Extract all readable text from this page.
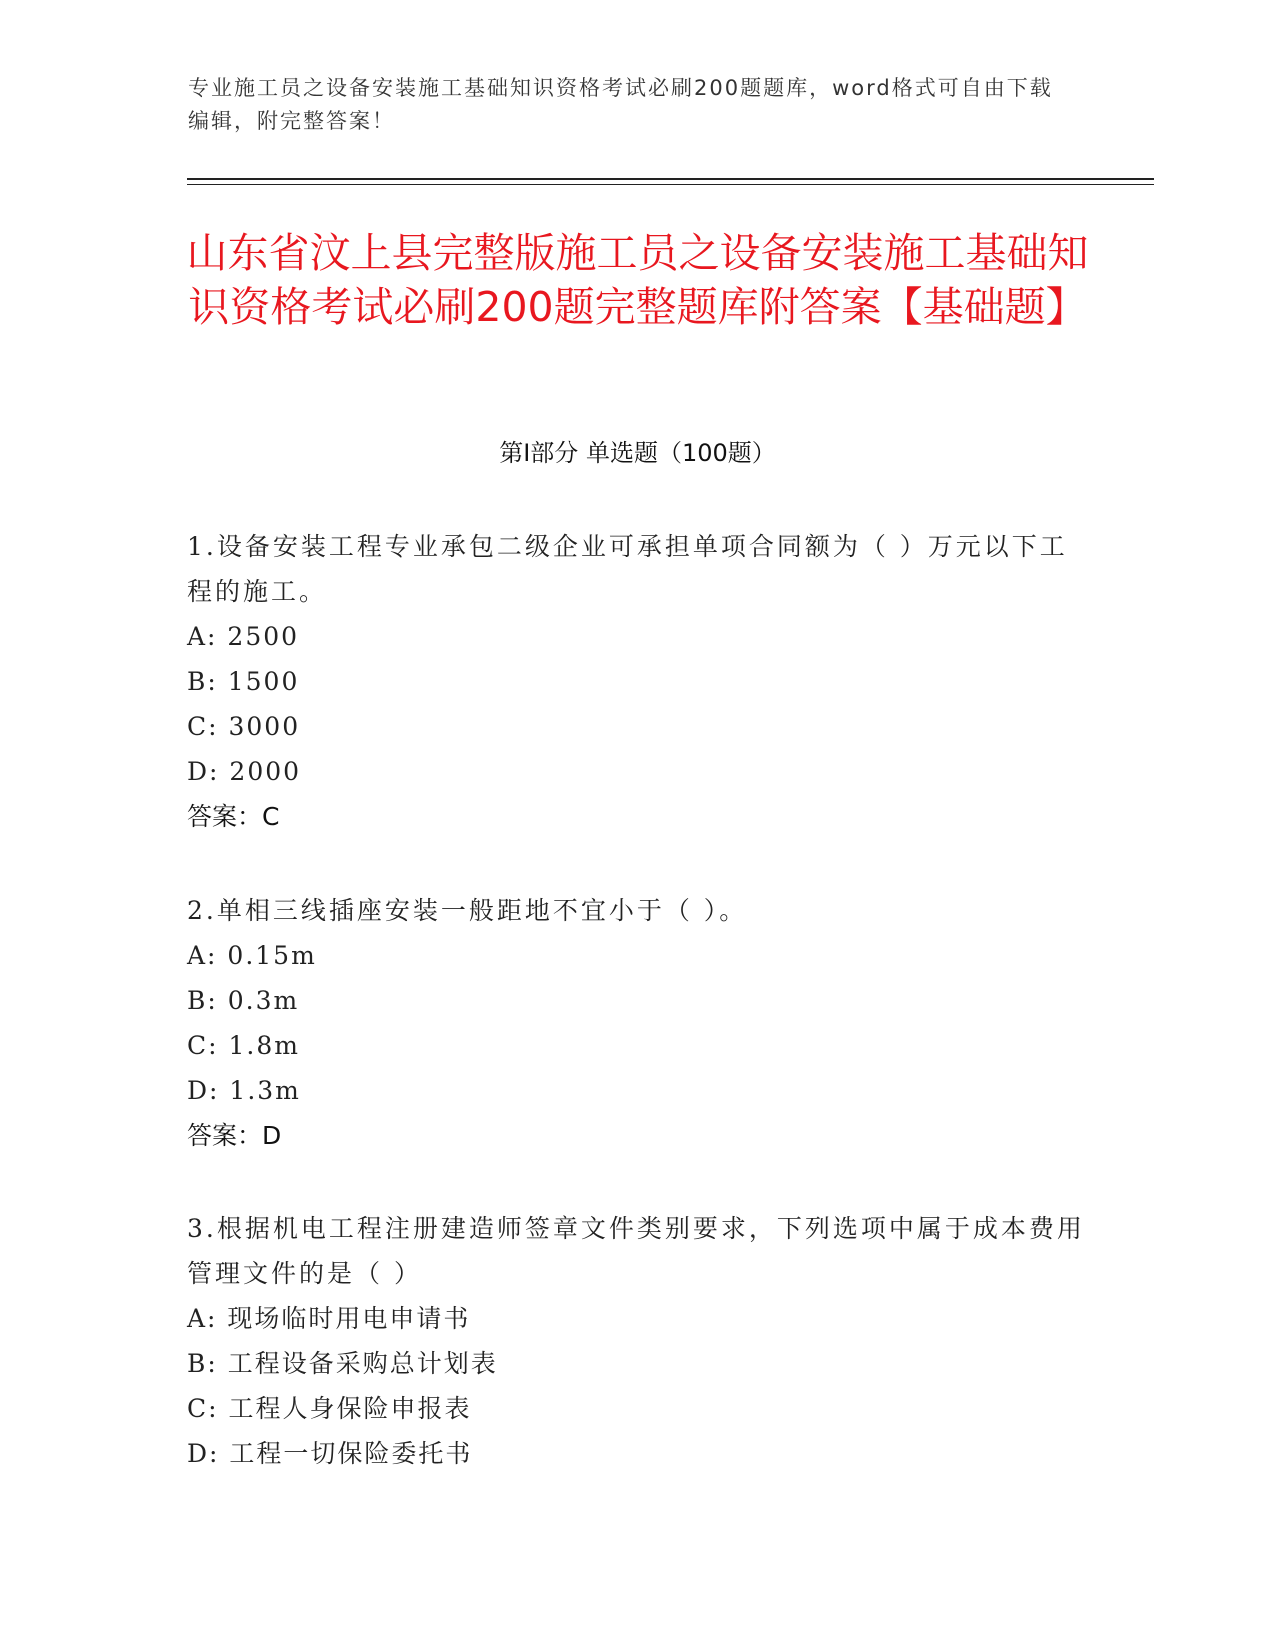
专业施工员之设备安装施工基础知识资格考试必刷200题题库，word格式可自由下载编辑，附完整答案！
山东省汶上县完整版施工员之设备安装施工基础知识资格考试必刷200题完整题库附答案【基础题】
第I部分 单选题（100题）
1.设备安装工程专业承包二级企业可承担单项合同额为（ ）万元以下工程的施工。
A: 2500
B: 1500
C: 3000
D: 2000
答案：C
2.单相三线插座安装一般距地不宜小于（ ）。
A: 0.15m
B: 0.3m
C: 1.8m
D: 1.3m
答案：D
3.根据机电工程注册建造师签章文件类别要求，下列选项中属于成本费用管理文件的是（ ）
A: 现场临时用电申请书
B: 工程设备采购总计划表
C: 工程人身保险申报表
D: 工程一切保险委托书
